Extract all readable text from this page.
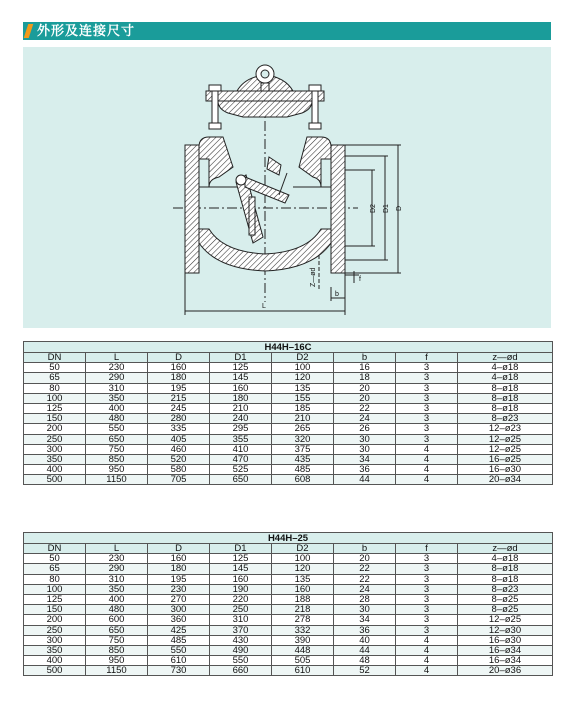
外形及连接尺寸
D2 D1 D
L
b
f
Z—ød
H44H–16C							
DN	L	D	D1	D2	b	f	z—ød
50	230	160	125	100	16	3	4–ø18
65	290	180	145	120	18	3	4–ø18
80	310	195	160	135	20	3	8–ø18
100	350	215	180	155	20	3	8–ø18
125	400	245	210	185	22	3	8–ø18
150	480	280	240	210	24	3	8–ø23
200	550	335	295	265	26	3	12–ø23
250	650	405	355	320	30	3	12–ø25
300	750	460	410	375	30	4	12–ø25
350	850	520	470	435	34	4	16–ø25
400	950	580	525	485	36	4	16–ø30
500	1150	705	650	608	44	4	20–ø34
H44H–25							
DN	L	D	D1	D2	b	f	z—ød
50	230	160	125	100	20	3	4–ø18
65	290	180	145	120	22	3	8–ø18
80	310	195	160	135	22	3	8–ø18
100	350	230	190	160	24	3	8–ø23
125	400	270	220	188	28	3	8–ø25
150	480	300	250	218	30	3	8–ø25
200	600	360	310	278	34	3	12–ø25
250	650	425	370	332	36	3	12–ø30
300	750	485	430	390	40	4	16–ø30
350	850	550	490	448	44	4	16–ø34
400	950	610	550	505	48	4	16–ø34
500	1150	730	660	610	52	4	20–ø36
